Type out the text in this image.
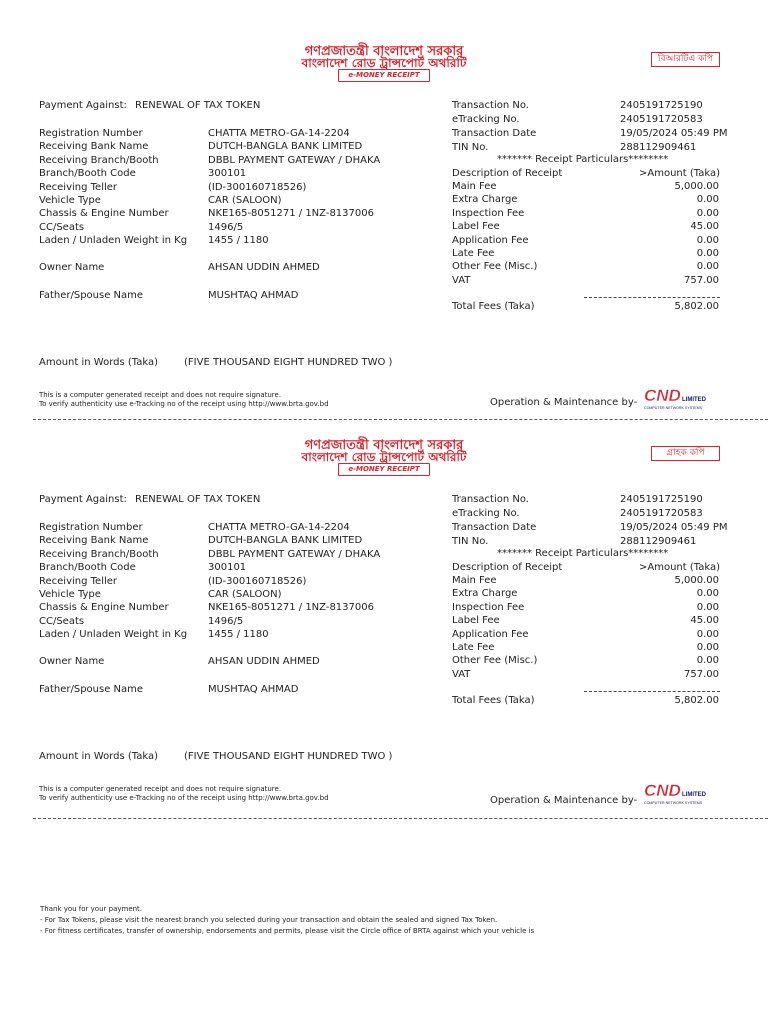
গণপ্রজাতন্ত্রী বাংলাদেশ সরকার
বাংলাদেশ রোড ট্রান্সপোর্ট অথরিটি
e-MONEY RECEIPT
বিআরটিএ কপি
Payment Against: RENEWAL OF TAX TOKEN
Registration Number	CHATTA METRO-GA-14-2204
Receiving Bank Name	DUTCH-BANGLA BANK LIMITED
Receiving Branch/Booth	DBBL PAYMENT GATEWAY / DHAKA
Branch/Booth Code	300101
Receiving Teller	(ID-300160718526)
Vehicle Type	CAR (SALOON)
Chassis & Engine Number	NKE165-8051271 / 1NZ-8137006
CC/Seats	1496/5
Laden / Unladen Weight in Kg 1455 / 1180
Owner Name	AHSAN UDDIN AHMED
Father/Spouse Name	MUSHTAQ AHMAD
Transaction No.	2405191725190
eTracking No.	2405191720583
Transaction Date	19/05/2024 05:49 PM
TIN No.	288112909461
******* Receipt Particulars********
Description of Receipt	>Amount (Taka)
Main Fee	5,000.00
Extra Charge	0.00
Inspection Fee	0.00
Label Fee	45.00
Application Fee	0.00
Late Fee	0.00
Other Fee (Misc.)	0.00
VAT	757.00
Total Fees (Taka)	5,802.00
Amount in Words (Taka)	(FIVE THOUSAND EIGHT HUNDRED TWO )
This is a computer generated receipt and does not require signature.
To verify authenticity use e-Tracking no of the receipt using http://www.brta.gov.bd	Operation & Maintenance by- CND LIMITED
COMPUTER NETWORK SYSTEMS
গণপ্রজাতন্ত্রী বাংলাদেশ সরকার
বাংলাদেশ রোড ট্রান্সপোর্ট অথরিটি
e-MONEY RECEIPT
গ্রাহক কপি
Payment Against: RENEWAL OF TAX TOKEN
Registration Number	CHATTA METRO-GA-14-2204
Receiving Bank Name	DUTCH-BANGLA BANK LIMITED
Receiving Branch/Booth	DBBL PAYMENT GATEWAY / DHAKA
Branch/Booth Code	300101
Receiving Teller	(ID-300160718526)
Vehicle Type	CAR (SALOON)
Chassis & Engine Number	NKE165-8051271 / 1NZ-8137006
CC/Seats	1496/5
Laden / Unladen Weight in Kg 1455 / 1180
Owner Name	AHSAN UDDIN AHMED
Father/Spouse Name	MUSHTAQ AHMAD
Transaction No.	2405191725190
eTracking No.	2405191720583
Transaction Date	19/05/2024 05:49 PM
TIN No.	288112909461
******* Receipt Particulars********
Description of Receipt	>Amount (Taka)
Main Fee	5,000.00
Extra Charge	0.00
Inspection Fee	0.00
Label Fee	45.00
Application Fee	0.00
Late Fee	0.00
Other Fee (Misc.)	0.00
VAT	757.00
Total Fees (Taka)	5,802.00
Amount in Words (Taka)	(FIVE THOUSAND EIGHT HUNDRED TWO )
This is a computer generated receipt and does not require signature.
To verify authenticity use e-Tracking no of the receipt using http://www.brta.gov.bd	Operation & Maintenance by-
CND LIMITED
COMPUTER NETWORK SYSTEMS
Thank you for your payment.
- For Tax Tokens, please visit the nearest branch you selected during your transaction and obtain the sealed and signed Tax Token.
- For fitness certificates, transfer of ownership, endorsements and permits, please visit the Circle office of BRTA against which your vehicle is
